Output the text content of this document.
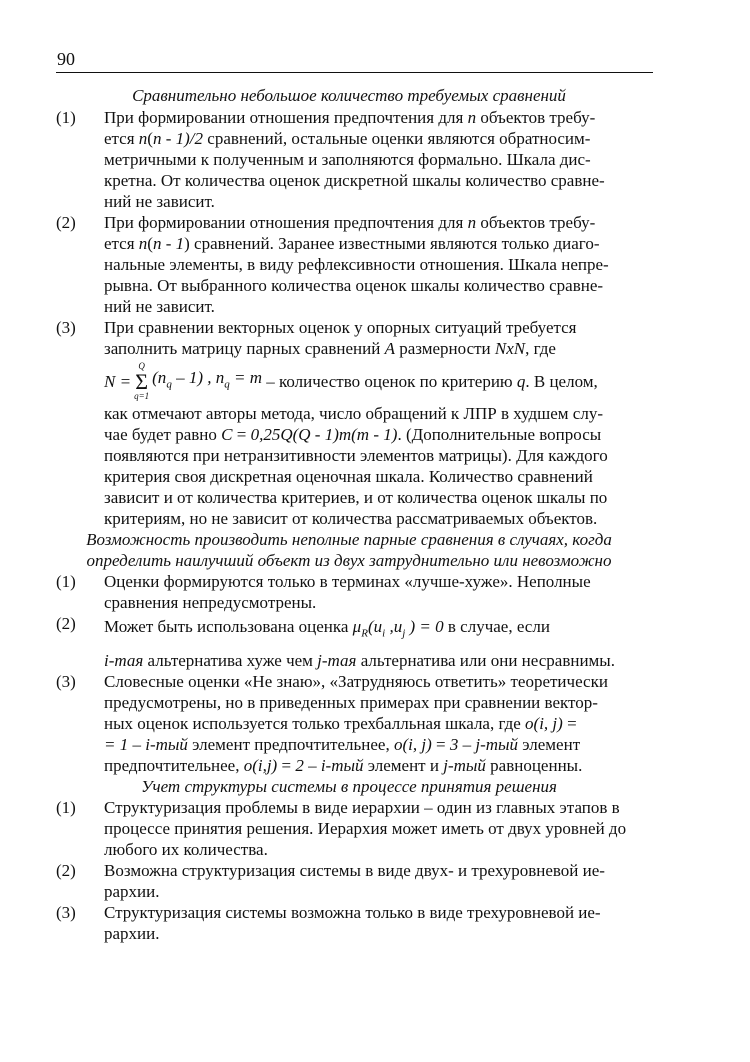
90
Сравнительно небольшое количество требуемых сравнений
(1) При формировании отношения предпочтения для n объектов требу-
ется n(n - 1)/2 сравнений, остальные оценки являются обратносим-
метричными к полученным и заполняются формально. Шкала дис-
кретна. От количества оценок дискретной шкалы количество сравне-
ний не зависит.
(2) При формировании отношения предпочтения для n объектов требу-
ется n(n - 1) сравнений. Заранее известными являются только диаго-
нальные элементы, в виду рефлексивности отношения. Шкала непре-
рывна. От выбранного количества оценок шкалы количество сравне-
ний не зависит.
(3) При сравнении векторных оценок у опорных ситуаций требуется
заполнить матрицу парных сравнений A размерности NxN, где
N =
Q
Σ
q=1
$(n_q - 1)$ , $n_q = m$ – количество оценок по критерию q . В целом,
как отмечают авторы метода, число обращений к ЛПР в худшем слу-
чае будет равно C = 0,25Q(Q - 1)m(m - 1). (Дополнительные вопросы
появляются при нетранзитивности элементов матрицы). Для каждого
критерия своя дискретная оценочная шкала. Количество сравнений
зависит и от количества критериев, и от количества оценок шкалы по
критериям, но не зависит от количества рассматриваемых объектов.
Возможность производить неполные парные сравнения в случаях, когда
определить наилучший объект из двух затруднительно или невозможно
(1) Оценки формируются только в терминах «лучше-хуже». Неполные
сравнения непредусмотрены.
(2) Может быть использована оценка $\mu_R(u_i$ $,u_j$ ) = 0 в случае, если
i-тая альтернатива хуже чем j-тая альтернатива или они несравнимы.
(3) Словесные оценки «Не знаю», «Затрудняюсь ответить» теоретически
предусмотрены, но в приведенных примерах при сравнении вектор-
ных оценок используется только трехбалльная шкала, где o(i, j) =
= 1 – i-тый элемент предпочтительнее, o(i, j) = 3 – j-тый элемент
предпочтительнее, o(i,j) = 2 – i-тый элемент и j-тый равноценны.
Учет структуры системы в процессе принятия решения
(1) Структуризация проблемы в виде иерархии – один из главных этапов в
процессе принятия решения. Иерархия может иметь от двух уровней до
любого их количества.
(2) Возможна структуризация системы в виде двух- и трехуровневой ие-
рархии.
(3) Структуризация системы возможна только в виде трехуровневой ие-
рархии.
